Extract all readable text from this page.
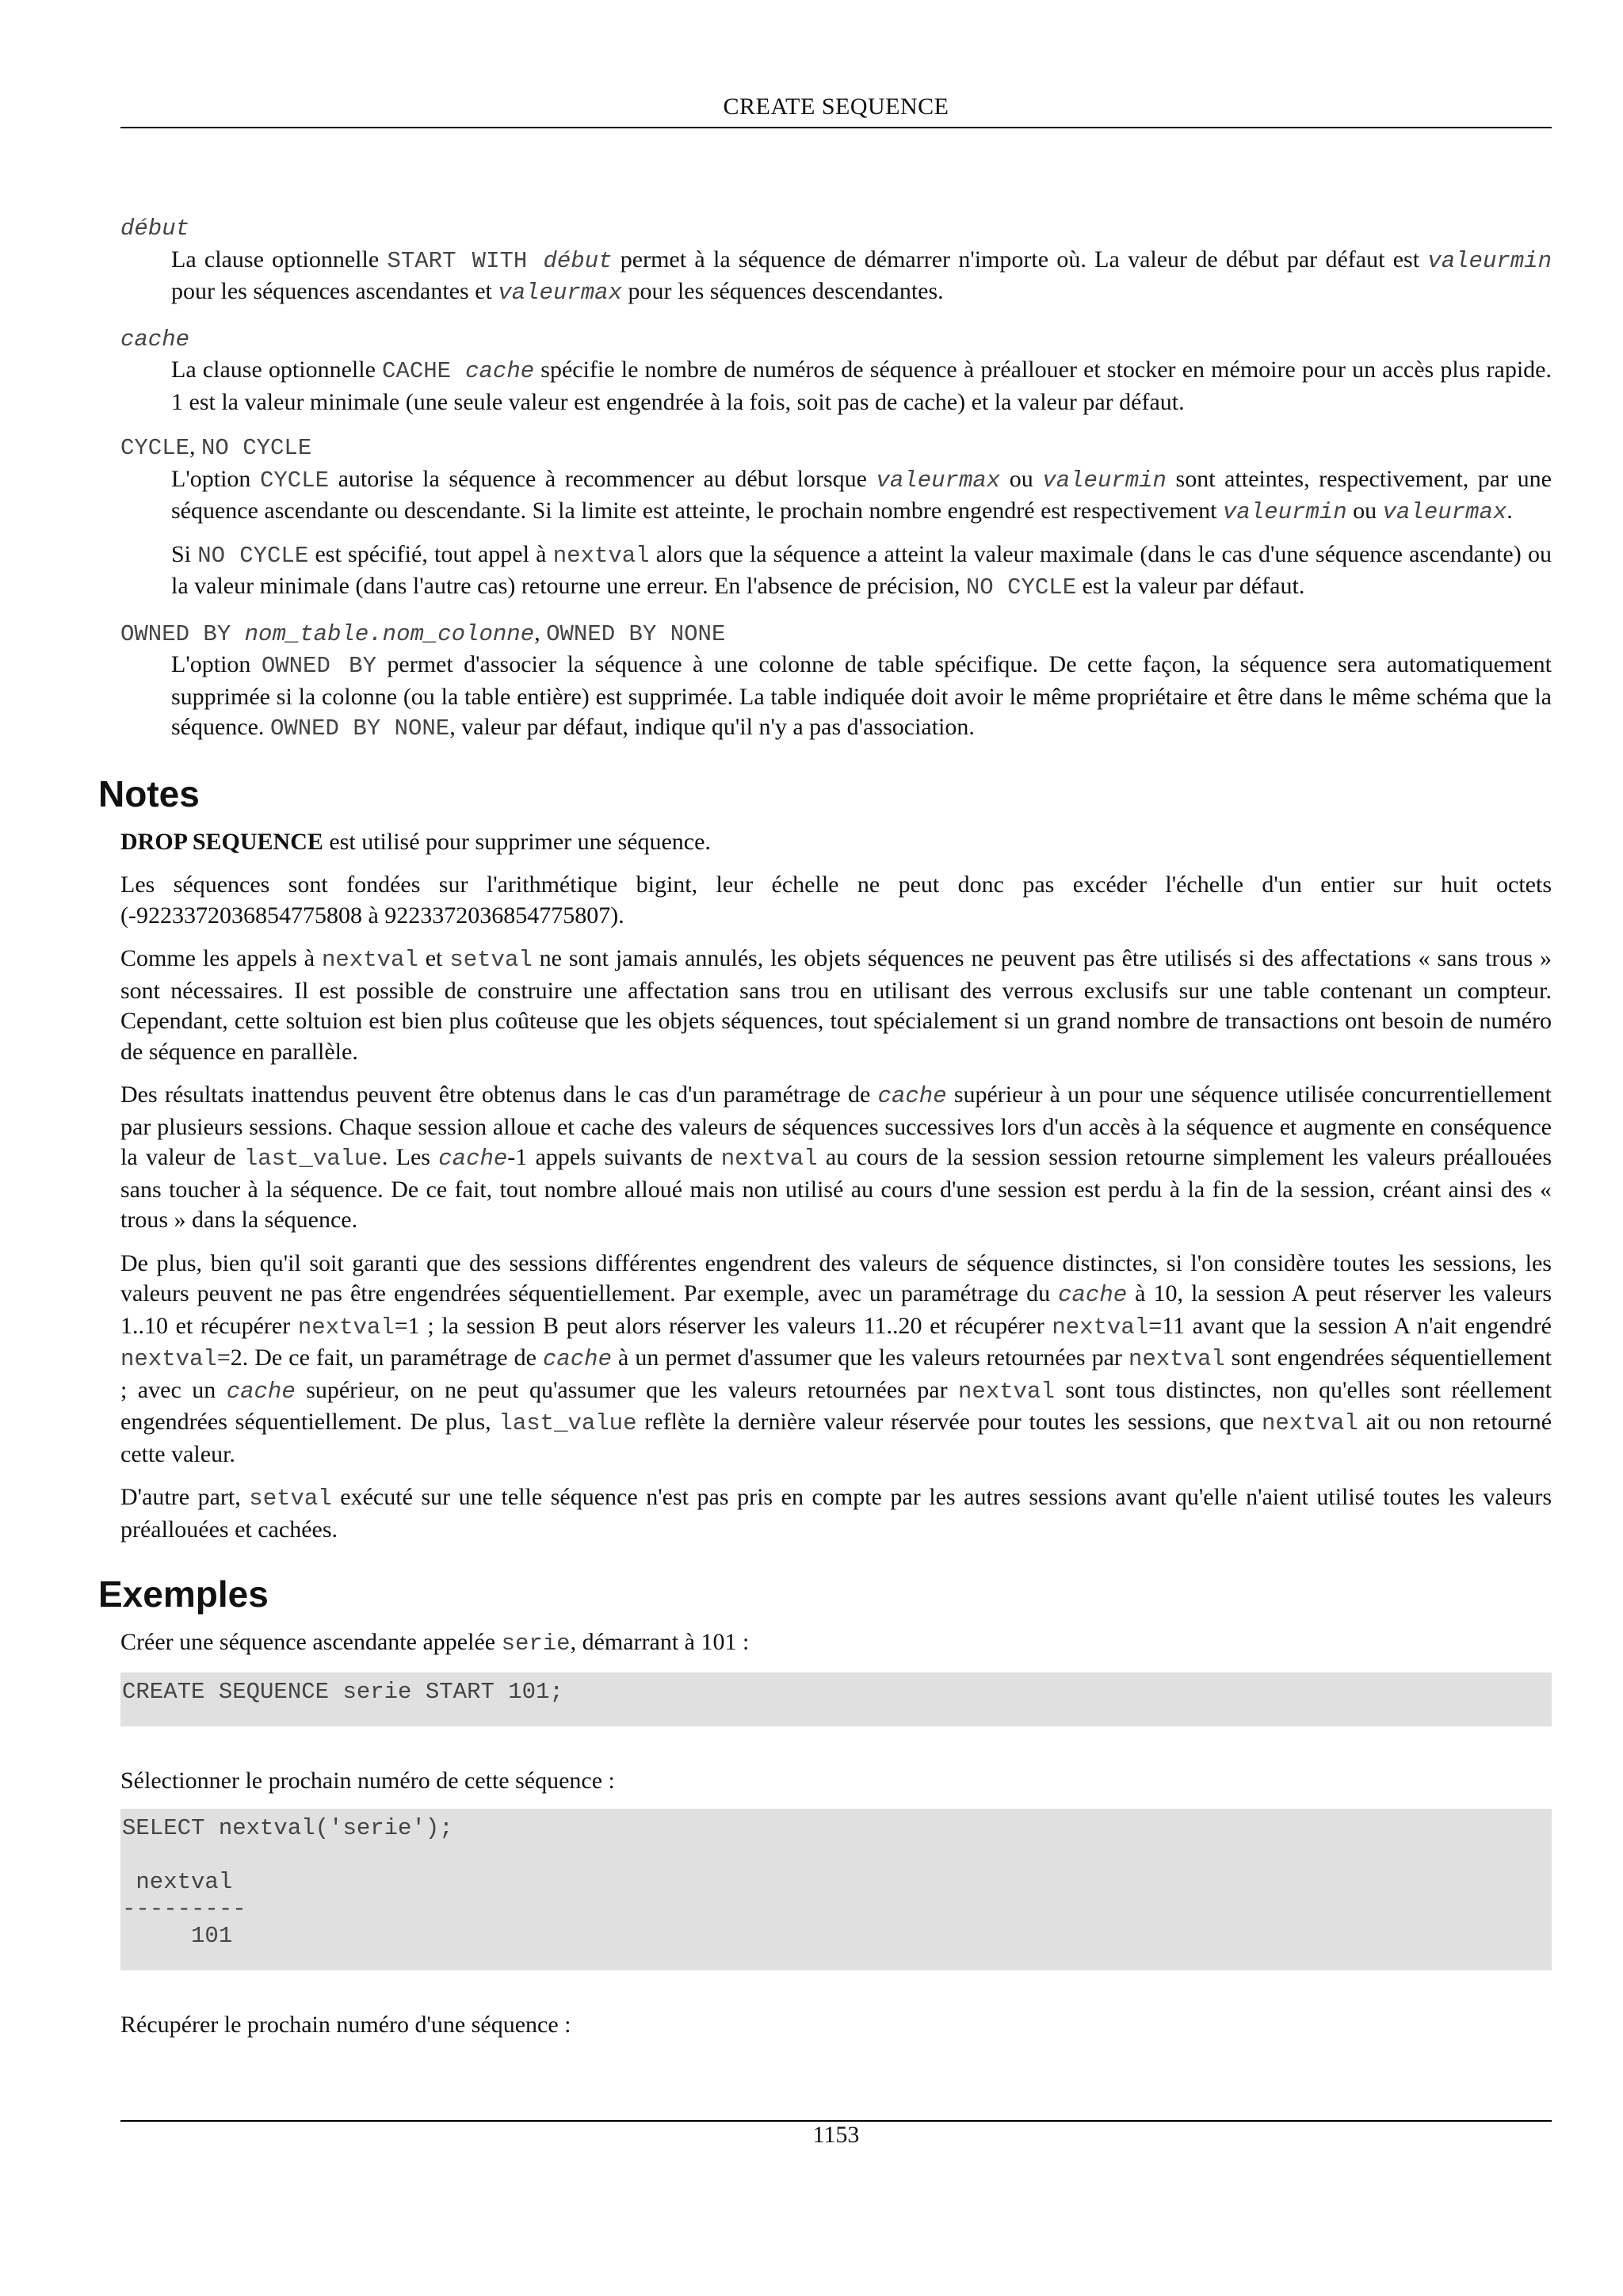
CREATE SEQUENCE
début

La clause optionnelle START WITH début permet à la séquence de démarrer n'importe où. La valeur de début par défaut est valeurmin pour les séquences ascendantes et valeurmax pour les séquences descendantes.

cache

La clause optionnelle CACHE cache spécifie le nombre de numéros de séquence à préallouer et stocker en mémoire pour un accès plus rapide. 1 est la valeur minimale (une seule valeur est engendrée à la fois, soit pas de cache) et la valeur par défaut.

CYCLE, NO CYCLE

L'option CYCLE autorise la séquence à recommencer au début lorsque valeurmax ou valeurmin sont atteintes, respectivement, par une séquence ascendante ou descendante. Si la limite est atteinte, le prochain nombre engendré est respectivement valeurmin ou valeurmax.

Si NO CYCLE est spécifié, tout appel à nextval alors que la séquence a atteint la valeur maximale (dans le cas d'une séquence ascendante) ou la valeur minimale (dans l'autre cas) retourne une erreur. En l'absence de précision, NO CYCLE est la valeur par défaut.

OWNED BY nom_table.nom_colonne, OWNED BY NONE

L'option OWNED BY permet d'associer la séquence à une colonne de table spécifique. De cette façon, la séquence sera automatiquement supprimée si la colonne (ou la table entière) est supprimée. La table indiquée doit avoir le même propriétaire et être dans le même schéma que la séquence. OWNED BY NONE, valeur par défaut, indique qu'il n'y a pas d'association.

Notes

DROP SEQUENCE est utilisé pour supprimer une séquence.

Les séquences sont fondées sur l'arithmétique bigint, leur échelle ne peut donc pas excéder l'échelle d'un entier sur huit octets (-9223372036854775808 à 9223372036854775807).

Comme les appels à nextval et setval ne sont jamais annulés, les objets séquences ne peuvent pas être utilisés si des affectations « sans trous » sont nécessaires. Il est possible de construire une affectation sans trou en utilisant des verrous exclusifs sur une table contenant un compteur. Cependant, cette soltuion est bien plus coûteuse que les objets séquences, tout spécialement si un grand nombre de transactions ont besoin de numéro de séquence en parallèle.

Des résultats inattendus peuvent être obtenus dans le cas d'un paramétrage de cache supérieur à un pour une séquence utilisée concurrentiellement par plusieurs sessions. Chaque session alloue et cache des valeurs de séquences successives lors d'un accès à la séquence et augmente en conséquence la valeur de last_value. Les cache-1 appels suivants de nextval au cours de la session session retourne simplement les valeurs préallouées sans toucher à la séquence. De ce fait, tout nombre alloué mais non utilisé au cours d'une session est perdu à la fin de la session, créant ainsi des « trous » dans la séquence.

De plus, bien qu'il soit garanti que des sessions différentes engendrent des valeurs de séquence distinctes, si l'on considère toutes les sessions, les valeurs peuvent ne pas être engendrées séquentiellement. Par exemple, avec un paramétrage du cache à 10, la session A peut réserver les valeurs 1..10 et récupérer nextval=1 ; la session B peut alors réserver les valeurs 11..20 et récupérer nextval=11 avant que la session A n'ait engendré nextval=2. De ce fait, un paramétrage de cache à un permet d'assumer que les valeurs retournées par nextval sont engendrées séquentiellement ; avec un cache supérieur, on ne peut qu'assumer que les valeurs retournées par nextval sont tous distinctes, non qu'elles sont réellement engendrées séquentiellement. De plus, last_value reflète la dernière valeur réservée pour toutes les sessions, que nextval ait ou non retourné cette valeur.

D'autre part, setval exécuté sur une telle séquence n'est pas pris en compte par les autres sessions avant qu'elle n'aient utilisé toutes les valeurs préallouées et cachées.

Exemples

Créer une séquence ascendante appelée serie, démarrant à 101 :

CREATE SEQUENCE serie START 101;

Sélectionner le prochain numéro de cette séquence :

SELECT nextval('serie');

nextval
---------
101

Récupérer le prochain numéro d'une séquence :

1153
